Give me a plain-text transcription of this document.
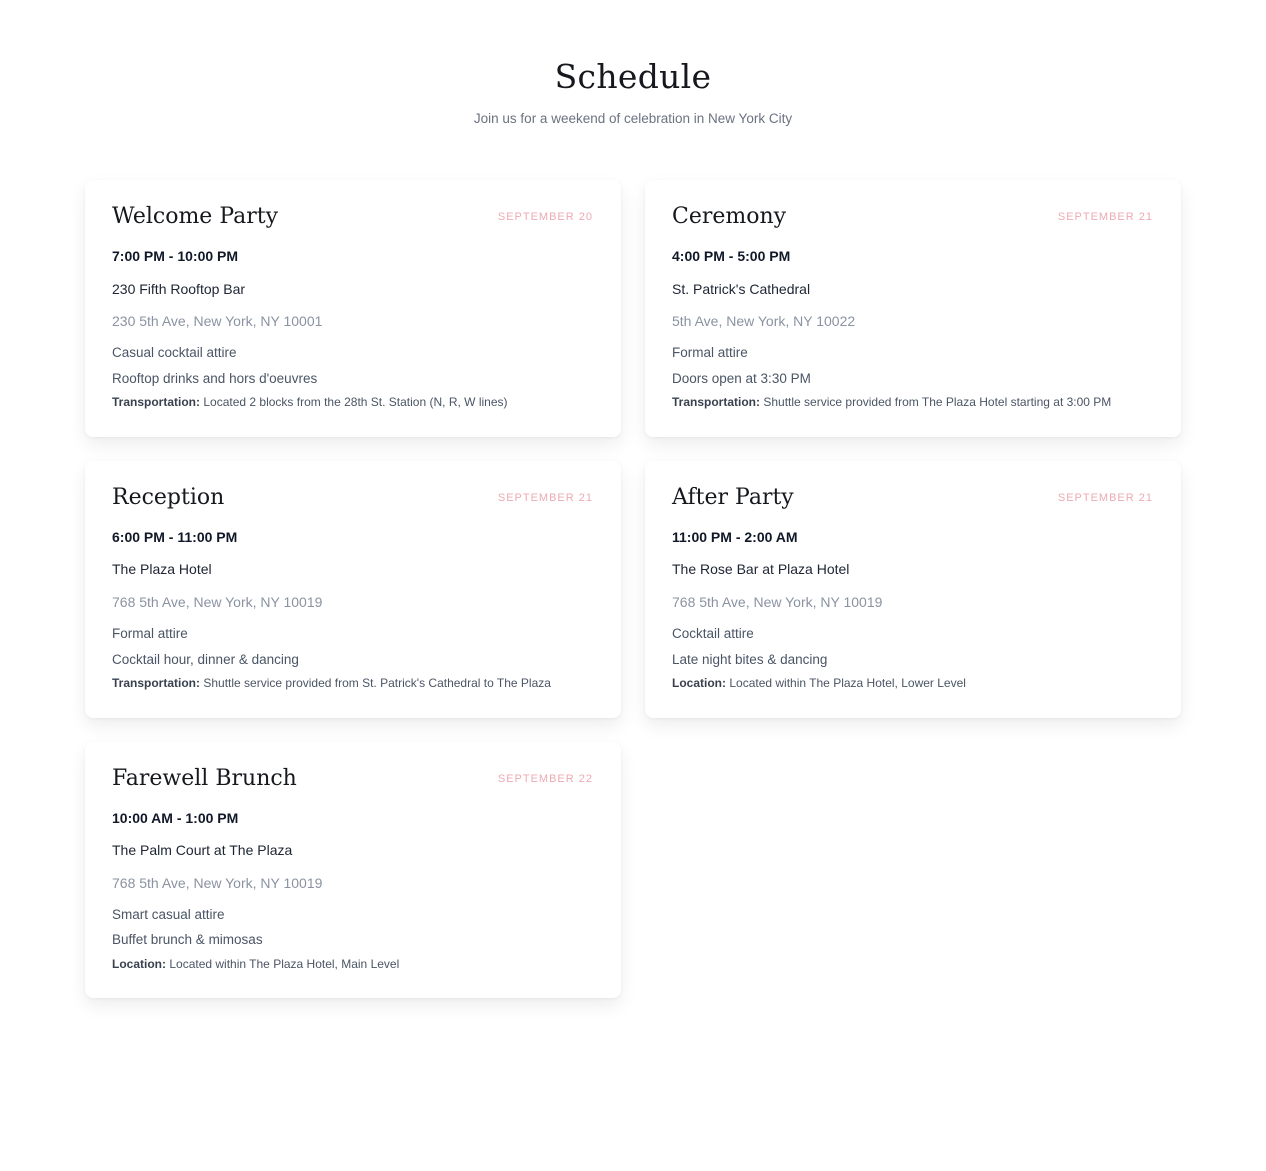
Schedule

Join us for a weekend of celebration in New York City

Welcome Party	SEPTEMBER 20

7:00 PM - 10:00 PM

230 Fifth Rooftop Bar

230 5th Ave, New York, NY 10001

Casual cocktail attire

Rooftop drinks and hors d'oeuvres

Transportation: Located 2 blocks from the 28th St. Station (N, R, W lines)

Ceremony	SEPTEMBER 21

4:00 PM - 5:00 PM

St. Patrick's Cathedral

5th Ave, New York, NY 10022

Formal attire

Doors open at 3:30 PM

Transportation: Shuttle service provided from The Plaza Hotel starting at 3:00 PM

Reception	SEPTEMBER 21

6:00 PM - 11:00 PM

The Plaza Hotel

768 5th Ave, New York, NY 10019

Formal attire

Cocktail hour, dinner & dancing

Transportation: Shuttle service provided from St. Patrick's Cathedral to The Plaza

After Party	SEPTEMBER 21

11:00 PM - 2:00 AM

The Rose Bar at Plaza Hotel

768 5th Ave, New York, NY 10019

Cocktail attire

Late night bites & dancing

Location: Located within The Plaza Hotel, Lower Level

Farewell Brunch	SEPTEMBER 22

10:00 AM - 1:00 PM

The Palm Court at The Plaza

768 5th Ave, New York, NY 10019

Smart casual attire

Buffet brunch & mimosas

Location: Located within The Plaza Hotel, Main Level
